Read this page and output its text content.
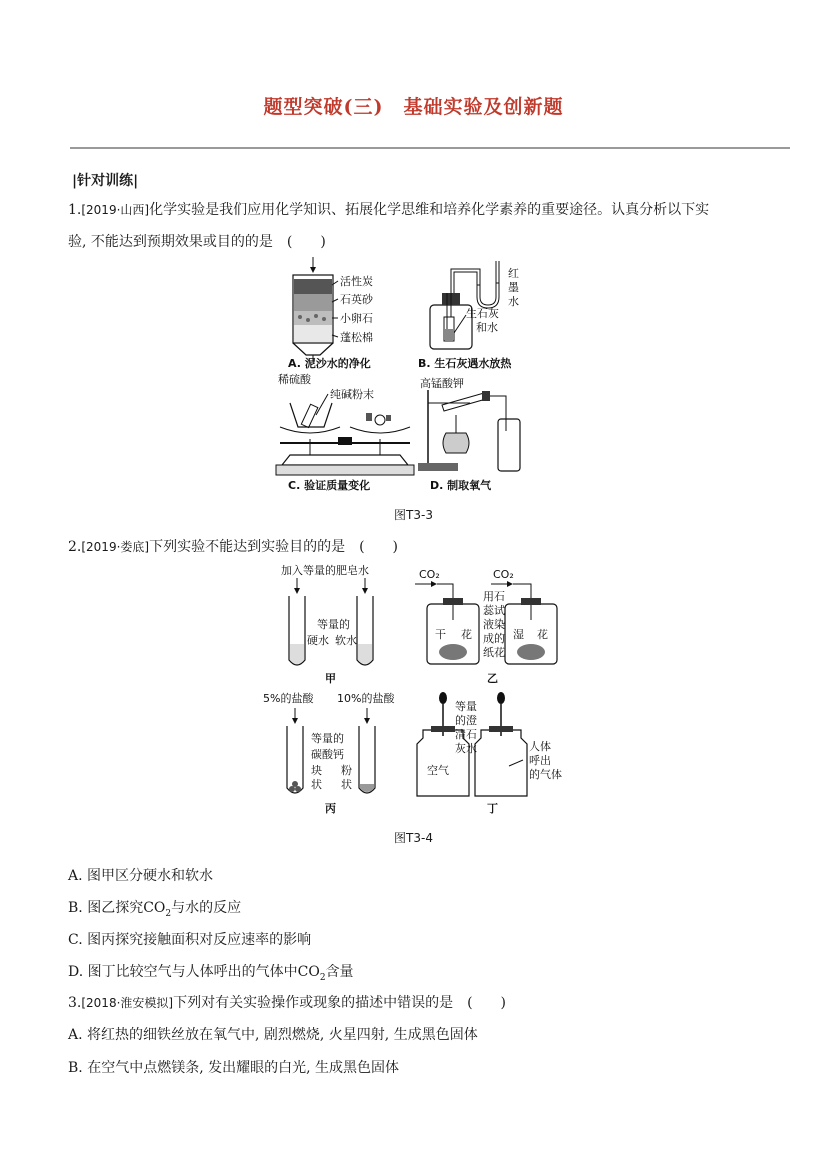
题型突破(三)　基础实验及创新题
|针对训练|
1.[2019·山西]化学实验是我们应用化学知识、拓展化学思维和培养化学素养的重要途径。认真分析以下实
验, 不能达到预期效果或目的的是　(　　)
活性炭
石英砂
小卵石
蓬松棉
A. 泥沙水的净化
红
墨
水
生石灰
和水
B. 生石灰遇水放热
稀硫酸
纯碱粉末
C. 验证质量变化
高锰酸钾
D. 制取氧气
图T3-3
2.[2019·娄底]下列实验不能达到实验目的的是　(　　)
加入等量的肥皂水
等量的
硬水 软水
甲
CO₂	CO₂
干 花	湿 花
用石
蕊试
液染
成的
纸花
乙
5%的盐酸 10%的盐酸
等量的
碳酸钙
块
状
粉
状
丙
等量
的澄
清石
灰水
空气
人体
呼出
的气体
丁
图T3-4
A. 图甲区分硬水和软水
B. 图乙探究$CO_2$与水的反应
C. 图丙探究接触面积对反应速率的影响
D. 图丁比较空气与人体呼出的气体中$CO_2$含量
3.[2018·淮安模拟]下列对有关实验操作或现象的描述中错误的是　(　　)
A. 将红热的细铁丝放在氧气中, 剧烈燃烧, 火星四射, 生成黑色固体
B. 在空气中点燃镁条, 发出耀眼的白光, 生成黑色固体
